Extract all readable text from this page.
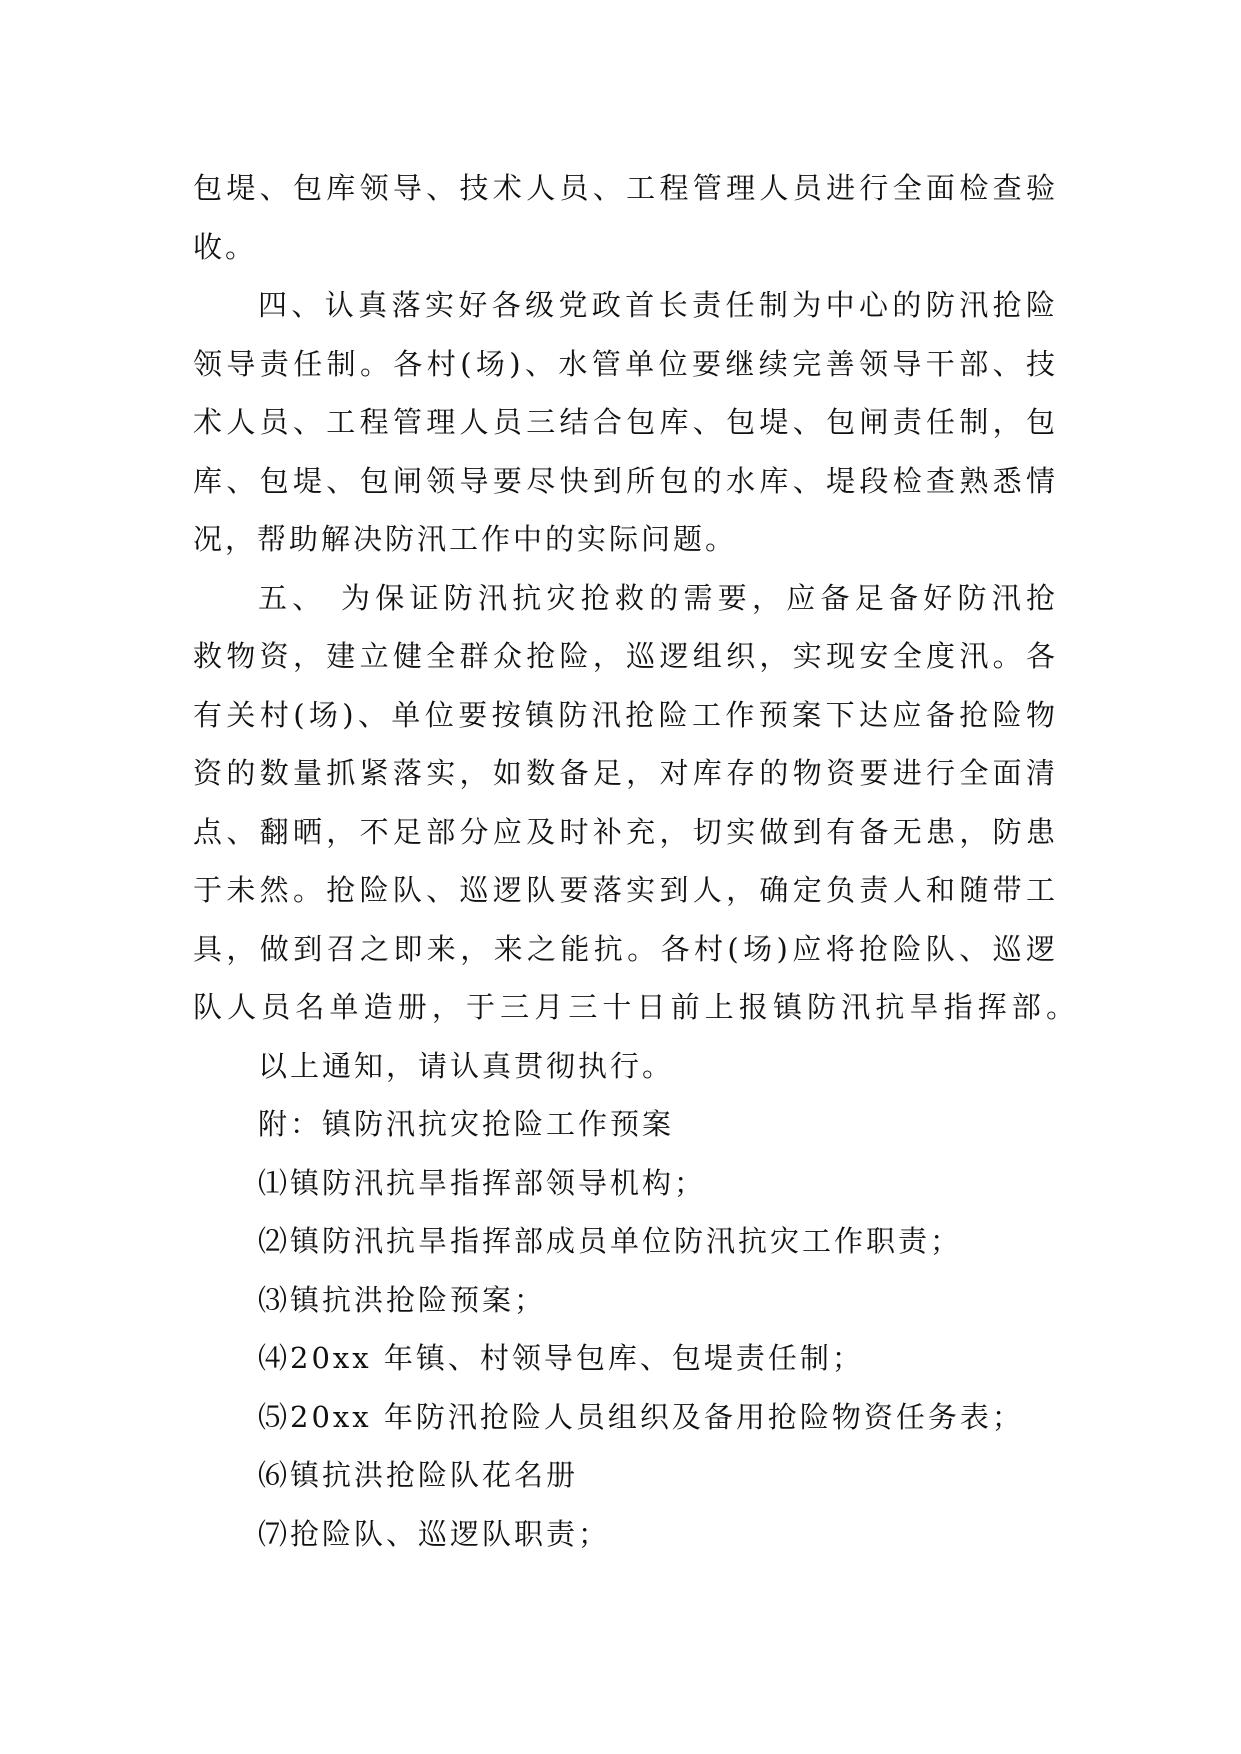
包堤、包库领导、技术人员、工程管理人员进行全面检查验
收。
四、认真落实好各级党政首长责任制为中心的防汛抢险
领导责任制。各村(场)、水管单位要继续完善领导干部、技
术人员、工程管理人员三结合包库、包堤、包闸责任制，包
库、包堤、包闸领导要尽快到所包的水库、堤段检查熟悉情
况，帮助解决防汛工作中的实际问题。
五、 为保证防汛抗灾抢救的需要，应备足备好防汛抢
救物资，建立健全群众抢险，巡逻组织，实现安全度汛。各
有关村(场)、单位要按镇防汛抢险工作预案下达应备抢险物
资的数量抓紧落实，如数备足，对库存的物资要进行全面清
点、翻晒，不足部分应及时补充，切实做到有备无患，防患
于未然。抢险队、巡逻队要落实到人，确定负责人和随带工
具，做到召之即来，来之能抗。各村(场)应将抢险队、巡逻
队人员名单造册，于三月三十日前上报镇防汛抗旱指挥部。
以上通知，请认真贯彻执行。
附：镇防汛抗灾抢险工作预案
⑴镇防汛抗旱指挥部领导机构；
⑵镇防汛抗旱指挥部成员单位防汛抗灾工作职责；
⑶镇抗洪抢险预案；
⑷20xx 年镇、村领导包库、包堤责任制；
⑸20xx 年防汛抢险人员组织及备用抢险物资任务表；
⑹镇抗洪抢险队花名册
⑺抢险队、巡逻队职责；
